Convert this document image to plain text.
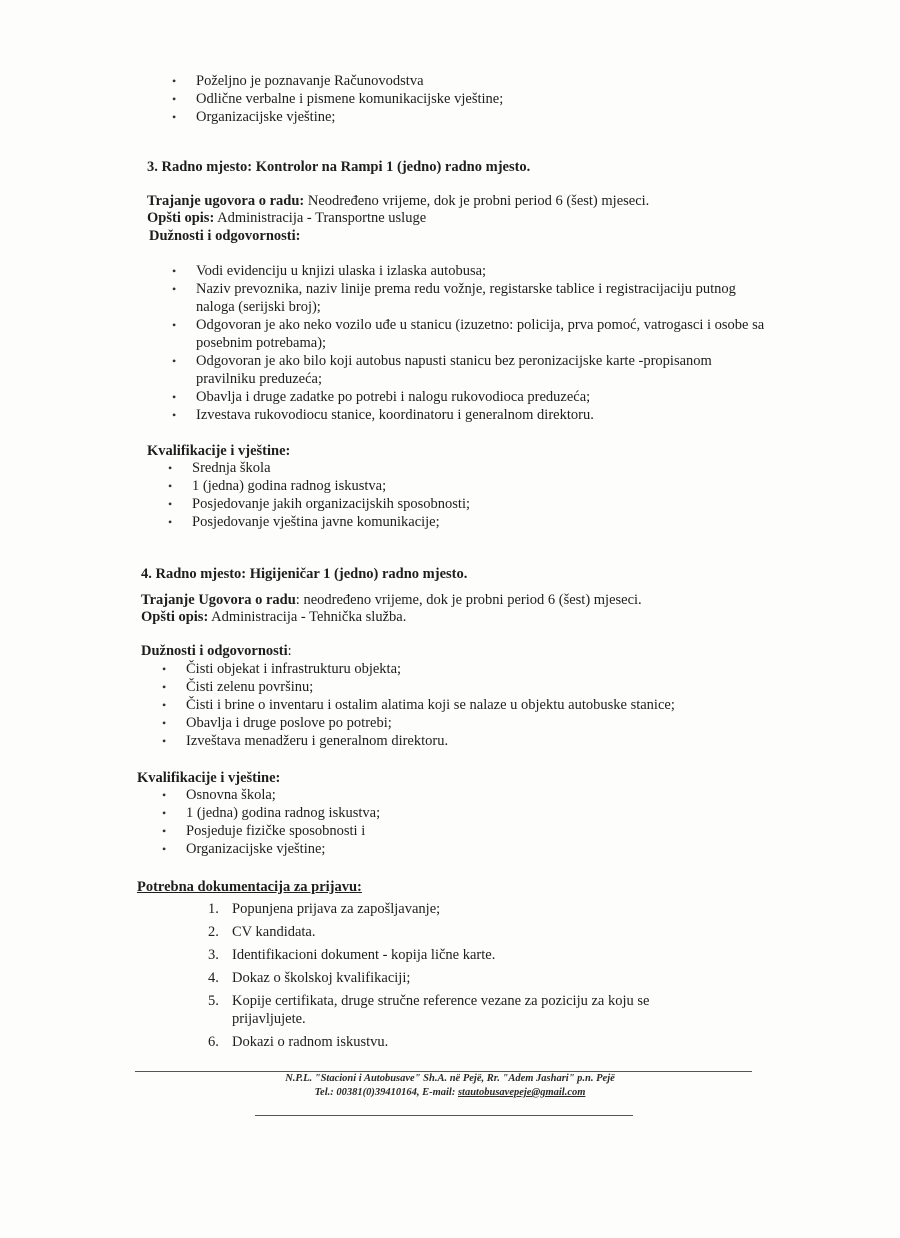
• Poželjno je poznavanje Računovodstva
• Odlične verbalne i pismene komunikacijske vještine;
• Organizacijske vještine;
3. Radno mjesto: Kontrolor na Rampi 1 (jedno) radno mjesto.
Trajanje ugovora o radu: Neodređeno vrijeme, dok je probni period 6 (šest) mjeseci.
Opšti opis: Administracija - Transportne usluge
Dužnosti i odgovornosti:
• Vodi evidenciju u knjizi ulaska i izlaska autobusa;
• Naziv prevoznika, naziv linije prema redu vožnje, registarske tablice i registracijaciju putnog naloga (serijski broj);
• Odgovoran je ako neko vozilo uđe u stanicu (izuzetno: policija, prva pomoć, vatrogasci i osobe sa posebnim potrebama);
• Odgovoran je ako bilo koji autobus napusti stanicu bez peronizacijske karte -propisanom pravilniku preduzeća;
• Obavlja i druge zadatke po potrebi i nalogu rukovodioca preduzeća;
• Izvestava rukovodiocu stanice, koordinatoru i generalnom direktoru.
Kvalifikacije i vještine:
• Srednja škola
• 1 (jedna) godina radnog iskustva;
• Posjedovanje jakih organizacijskih sposobnosti;
• Posjedovanje vještina javne komunikacije;
4. Radno mjesto: Higijeničar 1 (jedno) radno mjesto.
Trajanje Ugovora o radu: neodređeno vrijeme, dok je probni period 6 (šest) mjeseci.
Opšti opis: Administracija - Tehnička služba.
Dužnosti i odgovornosti:
• Čisti objekat i infrastrukturu objekta;
• Čisti zelenu površinu;
• Čisti i brine o inventaru i ostalim alatima koji se nalaze u objektu autobuske stanice;
• Obavlja i druge poslove po potrebi;
• Izveštava menadžeru i generalnom direktoru.
Kvalifikacije i vještine:
• Osnovna škola;
• 1 (jedna) godina radnog iskustva;
• Posjeduje fizičke sposobnosti i
• Organizacijske vještine;
Potrebna dokumentacija za prijavu:
1. Popunjena prijava za zapošljavanje;
2. CV kandidata.
3. Identifikacioni dokument - kopija lične karte.
4. Dokaz o školskoj kvalifikaciji;
5. Kopije certifikata, druge stručne reference vezane za poziciju za koju se prijavljujete.
6. Dokazi o radnom iskustvu.
N.P.L. "Stacioni i Autobusave" Sh.A. në Pejë, Rr. "Adem Jashari" p.n. Pejë
Tel.: 00381(0)39410164, E-mail: stautobusavepeje@gmail.com
